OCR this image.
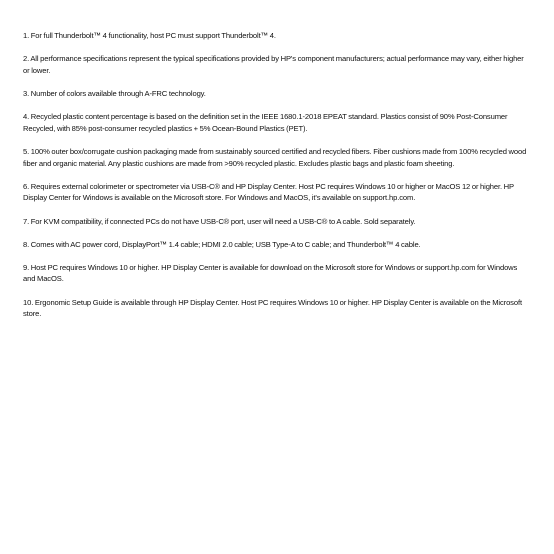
1. For full Thunderbolt™ 4 functionality, host PC must support Thunderbolt™ 4.
2. All performance specifications represent the typical specifications provided by HP's component manufacturers; actual performance may vary, either higher or lower.
3. Number of colors available through A-FRC technology.
4. Recycled plastic content percentage is based on the definition set in the IEEE 1680.1-2018 EPEAT standard. Plastics consist of 90% Post-Consumer Recycled, with 85% post-consumer recycled plastics + 5% Ocean-Bound Plastics (PET).
5. 100% outer box/corrugate cushion packaging made from sustainably sourced certified and recycled fibers. Fiber cushions made from 100% recycled wood fiber and organic material. Any plastic cushions are made from >90% recycled plastic. Excludes plastic bags and plastic foam sheeting.
6. Requires external colorimeter or spectrometer via USB-C® and HP Display Center. Host PC requires Windows 10 or higher or MacOS 12 or higher. HP Display Center for Windows is available on the Microsoft store. For Windows and MacOS, it's available on support.hp.com.
7. For KVM compatibility, if connected PCs do not have USB-C® port, user will need a USB-C® to A cable. Sold separately.
8. Comes with AC power cord, DisplayPort™ 1.4 cable; HDMI 2.0 cable; USB Type-A to C cable; and Thunderbolt™ 4 cable.
9. Host PC requires Windows 10 or higher. HP Display Center is available for download on the Microsoft store for Windows or support.hp.com for Windows and MacOS.
10. Ergonomic Setup Guide is available through HP Display Center. Host PC requires Windows 10 or higher. HP Display Center is available on the Microsoft store.
